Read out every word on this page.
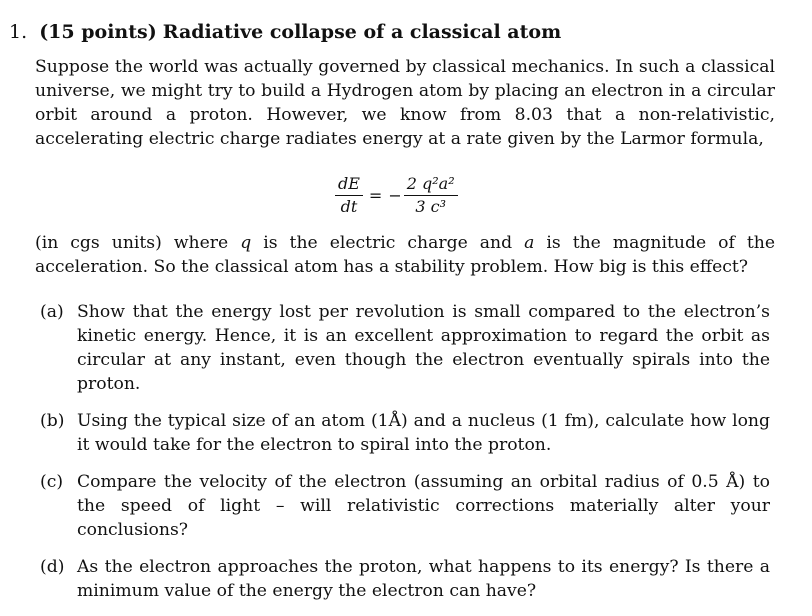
1. (15 points) Radiative collapse of a classical atom
Suppose the world was actually governed by classical mechanics. In such a classical universe, we might try to build a Hydrogen atom by placing an electron in a circular orbit around a proton. However, we know from 8.03 that a non-relativistic, accelerating electric charge radiates energy at a rate given by the Larmor formula,
$\frac{dE}{dt}$ = − $\frac{\text{2 q²a²}}{\text{3 c³}}$
(in cgs units) where q is the electric charge and a is the magnitude of the acceleration. So the classical atom has a stability problem. How big is this effect?
(a) Show that the energy lost per revolution is small compared to the electron’s kinetic energy. Hence, it is an excellent approximation to regard the orbit as circular at any instant, even though the electron eventually spirals into the proton.
(b) Using the typical size of an atom (1Å) and a nucleus (1 fm), calculate how long it would take for the electron to spiral into the proton.
(c) Compare the velocity of the electron (assuming an orbital radius of 0.5 Å) to the speed of light – will relativistic corrections materially alter your conclusions?
(d) As the electron approaches the proton, what happens to its energy? Is there a minimum value of the energy the electron can have?
